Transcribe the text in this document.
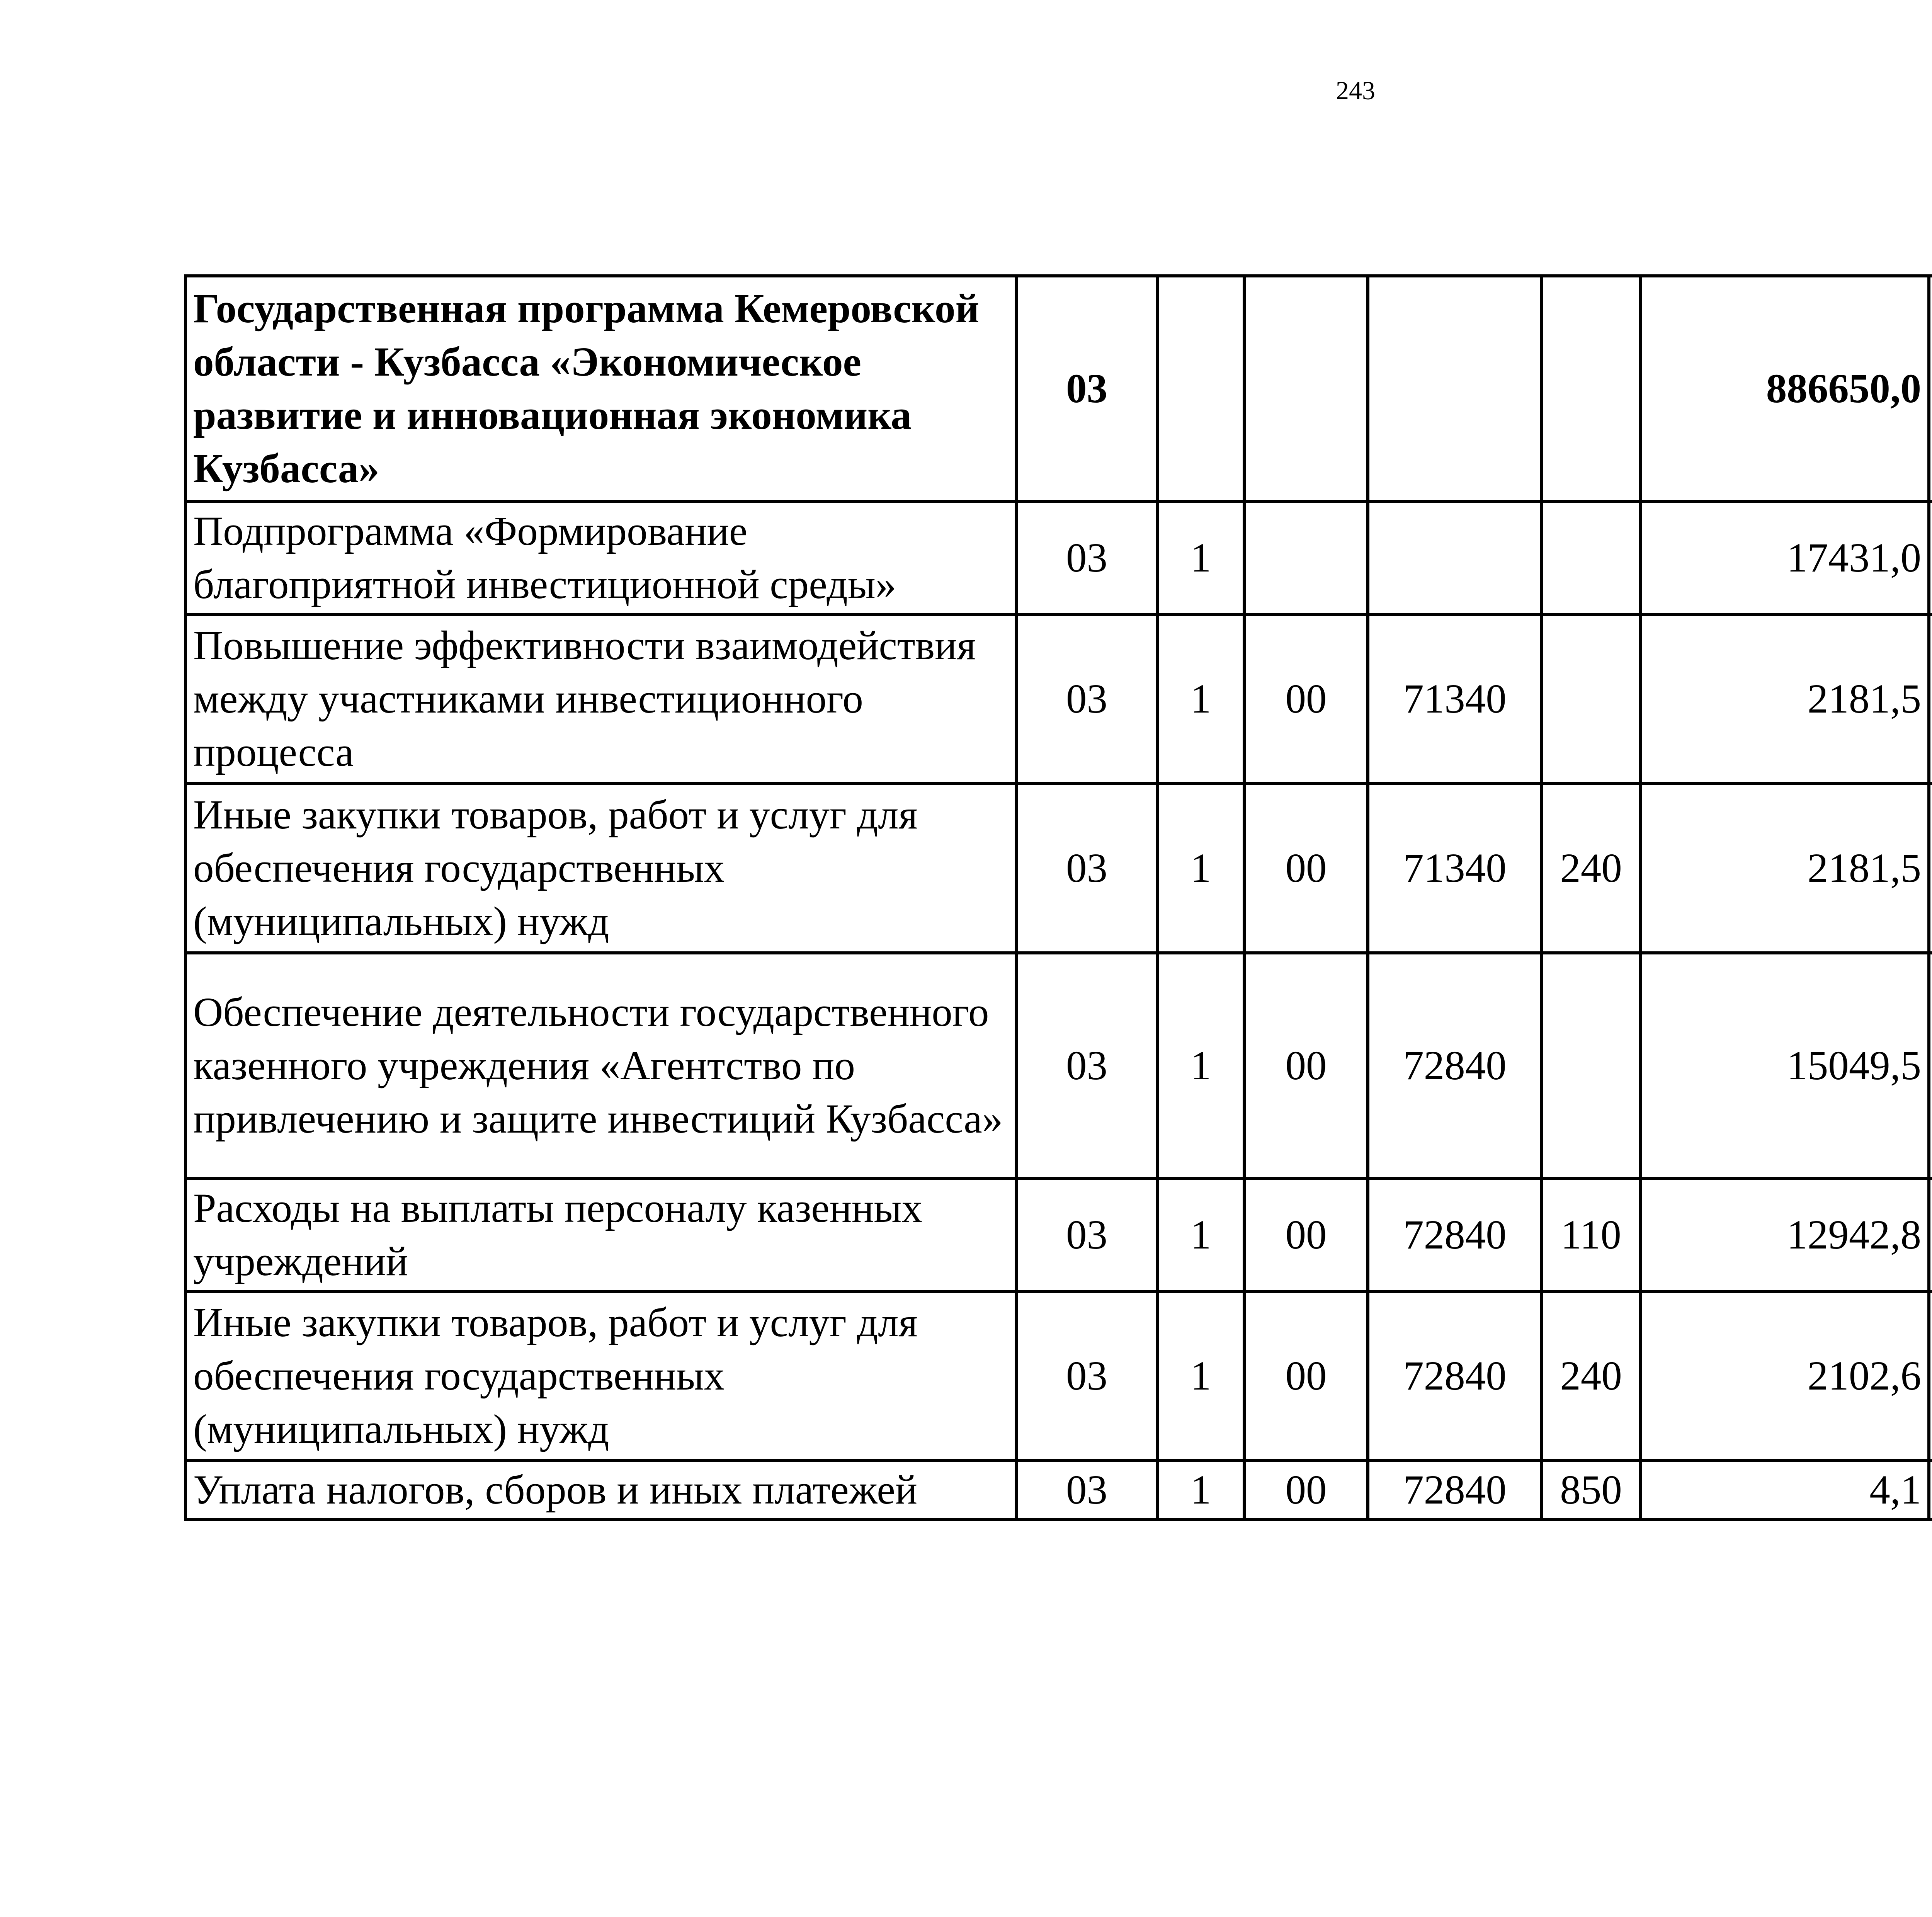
243
Государственная программа Кемеровской области - Кузбасса «Экономическое развитие и инновационная экономика Кузбасса»	03					886650,0		
Подпрограмма «Формирование благоприятной инвестиционной среды»	03	1				17431,0		
Повышение эффективности взаимодействия между участниками инвестиционного процесса	03	1	00	71340		2181,5		
Иные закупки товаров, работ и услуг для обеспечения государственных (муниципальных) нужд	03	1	00	71340	240	2181,5		
Обеспечение деятельности государственного казенного учреждения «Агентство по привлечению и защите инвестиций Кузбасса»	03	1	00	72840		15049,5		
Расходы на выплаты персоналу казенных учреждений	03	1	00	72840	110	12942,8		
Иные закупки товаров, работ и услуг для обеспечения государственных (муниципальных) нужд	03	1	00	72840	240	2102,6		
Уплата налогов, сборов и иных платежей	03	1	00	72840	850	4,1		
